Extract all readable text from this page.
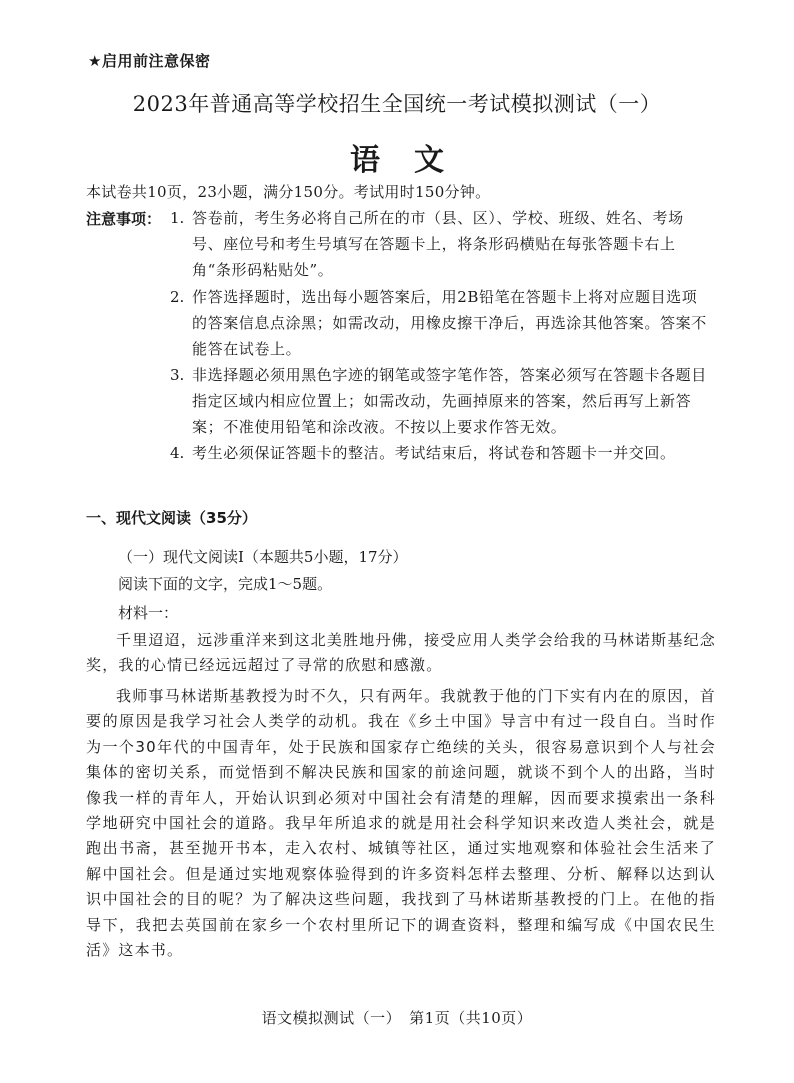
★启用前注意保密
2023年普通高等学校招生全国统一考试模拟测试（一）
语文
本试卷共10页，23小题，满分150分。考试用时150分钟。
注意事项： 1. 答卷前，考生务必将自己所在的市（县、区）、学校、班级、姓名、考场号、座位号和考生号填写在答题卡上，将条形码横贴在每张答题卡右上角“条形码粘贴处”。
2. 作答选择题时，选出每小题答案后，用2B铅笔在答题卡上将对应题目选项的答案信息点涂黑；如需改动，用橡皮擦干净后，再选涂其他答案。答案不能答在试卷上。
3. 非选择题必须用黑色字迹的钢笔或签字笔作答，答案必须写在答题卡各题目指定区域内相应位置上；如需改动，先画掉原来的答案，然后再写上新答案；不准使用铅笔和涂改液。不按以上要求作答无效。
4. 考生必须保证答题卡的整洁。考试结束后，将试卷和答题卡一并交回。
一、现代文阅读（35分）
（一）现代文阅读Ⅰ（本题共5小题，17分）
阅读下面的文字，完成1～5题。
材料一：
千里迢迢，远涉重洋来到这北美胜地丹佛，接受应用人类学会给我的马林诺斯基纪念奖，我的心情已经远远超过了寻常的欣慰和感激。
我师事马林诺斯基教授为时不久，只有两年。我就教于他的门下实有内在的原因，首要的原因是我学习社会人类学的动机。我在《乡土中国》导言中有过一段自白。当时作为一个30年代的中国青年，处于民族和国家存亡绝续的关头，很容易意识到个人与社会集体的密切关系，而觉悟到不解决民族和国家的前途问题，就谈不到个人的出路，当时像我一样的青年人，开始认识到必须对中国社会有清楚的理解，因而要求摸索出一条科学地研究中国社会的道路。我早年所追求的就是用社会科学知识来改造人类社会，就是跑出书斋，甚至抛开书本，走入农村、城镇等社区，通过实地观察和体验社会生活来了解中国社会。但是通过实地观察体验得到的许多资料怎样去整理、分析、解释以达到认识中国社会的目的呢？为了解决这些问题，我找到了马林诺斯基教授的门上。在他的指导下，我把去英国前在家乡一个农村里所记下的调查资料，整理和编写成《中国农民生活》这本书。
语文模拟测试（一）　第1页（共10页）
